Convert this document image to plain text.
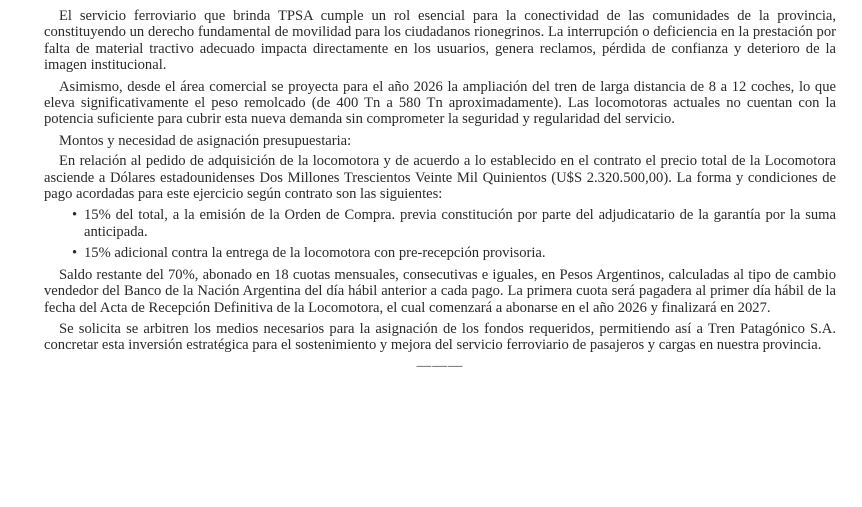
El servicio ferroviario que brinda TPSA cumple un rol esencial para la conectividad de las comunidades de la provincia, constituyendo un derecho fundamental de movilidad para los ciudadanos rionegrinos. La interrupción o deficiencia en la prestación por falta de material tractivo adecuado impacta directamente en los usuarios, genera reclamos, pérdida de confianza y deterioro de la imagen institucional.

Asimismo, desde el área comercial se proyecta para el año 2026 la ampliación del tren de larga distancia de 8 a 12 coches, lo que eleva significativamente el peso remolcado (de 400 Tn a 580 Tn aproximadamente). Las locomotoras actuales no cuentan con la potencia suficiente para cubrir esta nueva demanda sin comprometer la seguridad y regularidad del servicio.

Montos y necesidad de asignación presupuestaria:

En relación al pedido de adquisición de la locomotora y de acuerdo a lo establecido en el contrato el precio total de la Locomotora asciende a Dólares estadounidenses Dos Millones Trescientos Veinte Mil Quinientos (U$S 2.320.500,00). La forma y condiciones de pago acordadas para este ejercicio según contrato son las siguientes:

• 15% del total, a la emisión de la Orden de Compra. previa constitución por parte del adjudicatario de la garantía por la suma anticipada.
• 15% adicional contra la entrega de la locomotora con pre-recepción provisoria.

Saldo restante del 70%, abonado en 18 cuotas mensuales, consecutivas e iguales, en Pesos Argentinos, calculadas al tipo de cambio vendedor del Banco de la Nación Argentina del día hábil anterior a cada pago. La primera cuota será pagadera al primer día hábil de la fecha del Acta de Recepción Definitiva de la Locomotora, el cual comenzará a abonarse en el año 2026 y finalizará en 2027.

Se solicita se arbitren los medios necesarios para la asignación de los fondos requeridos, permitiendo así a Tren Patagónico S.A. concretar esta inversión estratégica para el sostenimiento y mejora del servicio ferroviario de pasajeros y cargas en nuestra provincia.

———
